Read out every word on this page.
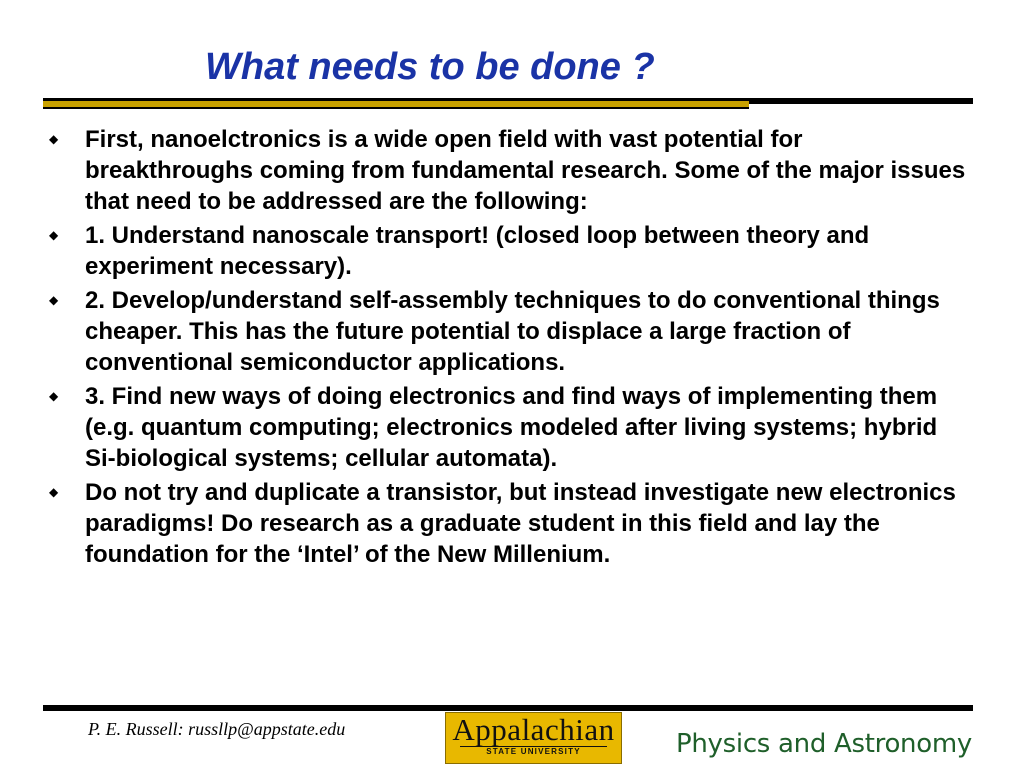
What needs to be done ?
◆	First, nanoelctronics is a wide open field with vast potential for breakthroughs coming from fundamental research. Some of the major issues that need to be addressed are the following:
◆	1. Understand nanoscale transport! (closed loop between theory and experiment necessary).
◆	2. Develop/understand self-assembly techniques to do conventional things cheaper. This has the future potential to displace a large fraction of conventional semiconductor applications.
◆	3. Find new ways of doing electronics and find ways of implementing them (e.g. quantum computing; electronics modeled after living systems; hybrid Si-biological systems; cellular automata).
◆	Do not try and duplicate a transistor, but instead investigate new electronics paradigms! Do research as a graduate student in this field and lay the foundation for the ‘Intel’ of the New Millenium.
P. E. Russell: russllp@appstate.edu	Appalachian
STATE UNIVERSITY	Physics and Astronomy
